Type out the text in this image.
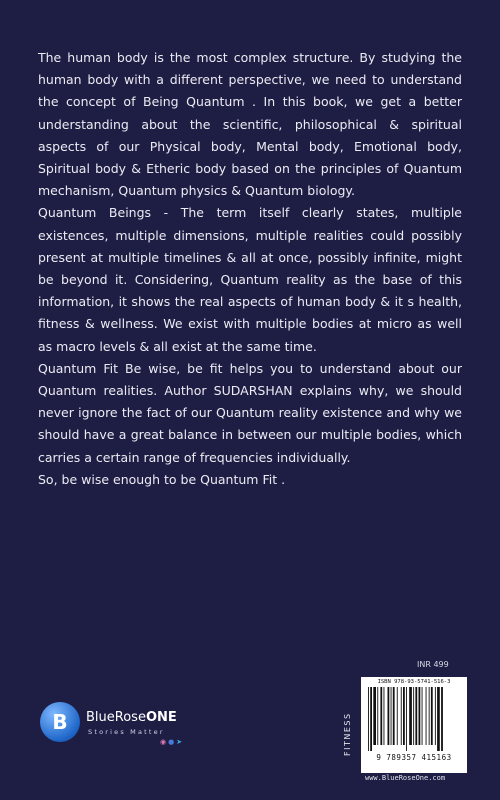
The human body is the most complex structure. By studying the human body with a different perspective, we need to understand the concept of Being Quantum . In this book, we get a better understanding about the scientific, philosophical & spiritual aspects of our Physical body, Mental body, Emotional body, Spiritual body & Etheric body based on the principles of Quantum mechanism, Quantum physics & Quantum biology.

Quantum Beings - The term itself clearly states, multiple existences, multiple dimensions, multiple realities could possibly present at multiple timelines & all at once, possibly infinite, might be beyond it. Considering, Quantum reality as the base of this information, it shows the real aspects of human body & it s health, fitness & wellness. We exist with multiple bodies at micro as well as macro levels & all exist at the same time.

Quantum Fit Be wise, be fit helps you to understand about our Quantum realities. Author SUDARSHAN explains why, we should never ignore the fact of our Quantum reality existence and why we should have a great balance in between our multiple bodies, which carries a certain range of frequencies individually.

So, be wise enough to be Quantum Fit .

INR 499
B	BlueRoseONE
Stories Matter
◉ ● ➤	FITNESS
ISBN 978-93-5741-516-3
9 789357 415163
www.BlueRoseOne.com
